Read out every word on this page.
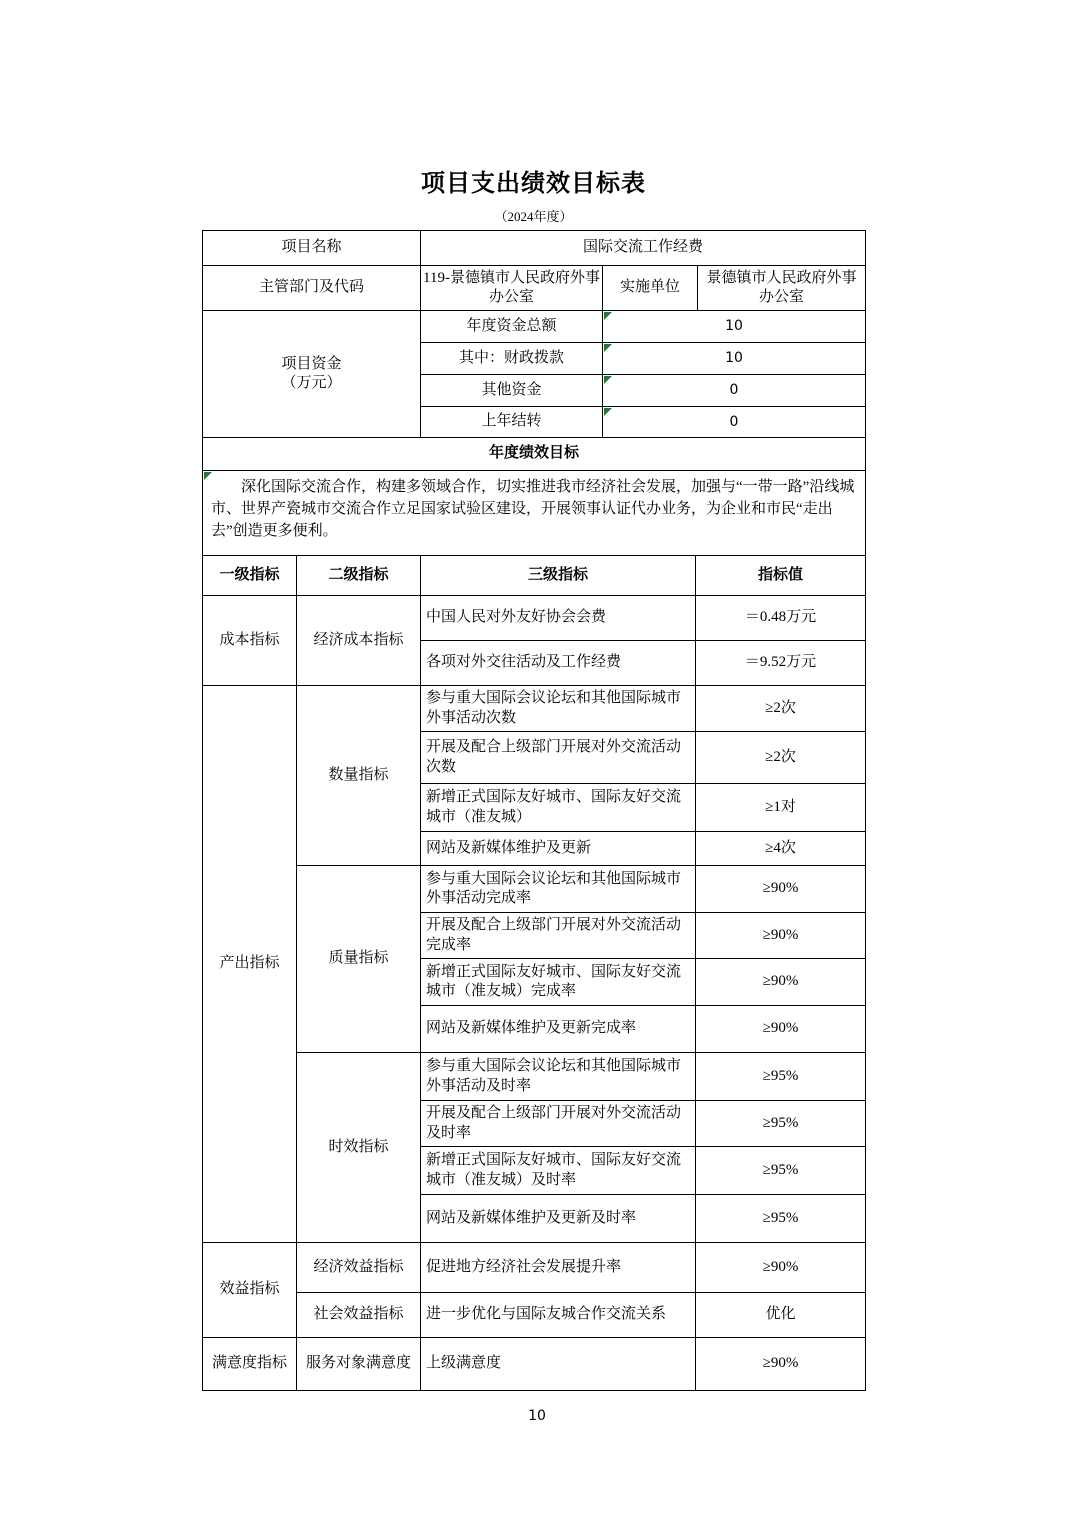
项目支出绩效目标表
（2024年度）
项目名称	国际交流工作经费		
主管部门及代码	119-景德镇市人民政府外事办公室	实施单位	景德镇市人民政府外事办公室

项目资金
（万元）	年度资金总额	10	
	其中：财政拨款	10	
	其他资金	0	
	上年结转	0	
年度绩效目标			

深化国际交流合作，构建多领域合作，切实推进我市经济社会发展，加强与“一带一路”沿线城市、世界产瓷城市交流合作立足国家试验区建设，开展领事认证代办业务，为企业和市民“走出去”创造更多便利。			
一级指标	二级指标	三级指标	指标值
成本指标	经济成本指标	中国人民对外友好协会会费	＝0.48万元
		各项对外交往活动及工作经费	＝9.52万元
产出指标	数量指标	参与重大国际会议论坛和其他国际城市外事活动次数	≥2次
		开展及配合上级部门开展对外交流活动次数	≥2次
		新增正式国际友好城市、国际友好交流城市（准友城）	≥1对
		网站及新媒体维护及更新	≥4次
	质量指标	参与重大国际会议论坛和其他国际城市外事活动完成率	≥90%
		开展及配合上级部门开展对外交流活动完成率	≥90%
		新增正式国际友好城市、国际友好交流城市（准友城）完成率	≥90%
		网站及新媒体维护及更新完成率	≥90%
	时效指标	参与重大国际会议论坛和其他国际城市外事活动及时率	≥95%
		开展及配合上级部门开展对外交流活动及时率	≥95%
		新增正式国际友好城市、国际友好交流城市（准友城）及时率	≥95%
		网站及新媒体维护及更新及时率	≥95%
效益指标	经济效益指标	促进地方经济社会发展提升率	≥90%
	社会效益指标	进一步优化与国际友城合作交流关系	优化
满意度指标	服务对象满意度	上级满意度	≥90%
10
